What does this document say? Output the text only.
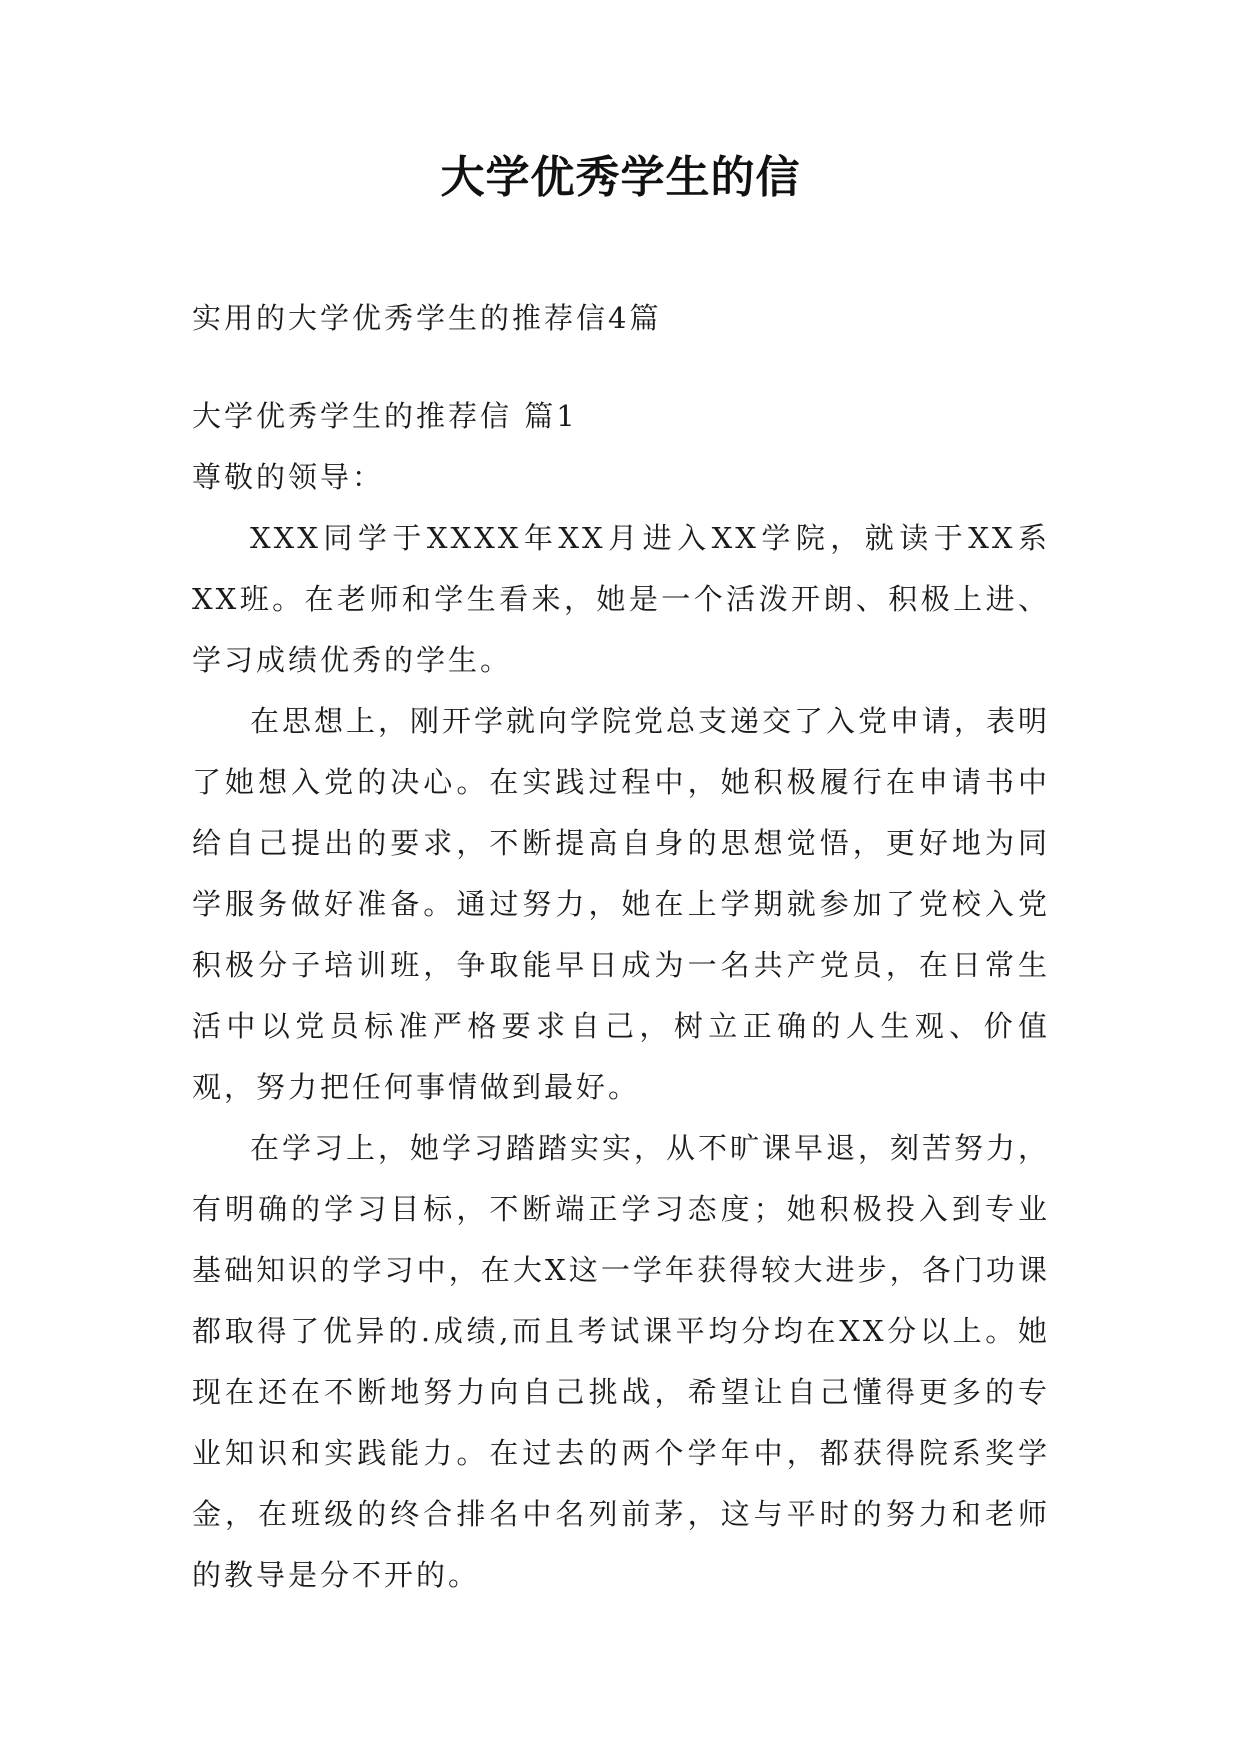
大学优秀学生的信

实用的大学优秀学生的推荐信4篇

大学优秀学生的推荐信 篇1

尊敬的领导：

XXX同学于XXXX年XX月进入XX学院，就读于XX系XX班。在老师和学生看来，她是一个活泼开朗、积极上进、学习成绩优秀的学生。

在思想上，刚开学就向学院党总支递交了入党申请，表明了她想入党的决心。在实践过程中，她积极履行在申请书中给自己提出的要求，不断提高自身的思想觉悟，更好地为同学服务做好准备。通过努力，她在上学期就参加了党校入党积极分子培训班，争取能早日成为一名共产党员，在日常生活中以党员标准严格要求自己，树立正确的人生观、价值观，努力把任何事情做到最好。

在学习上，她学习踏踏实实，从不旷课早退，刻苦努力，有明确的学习目标，不断端正学习态度；她积极投入到专业基础知识的学习中，在大X这一学年获得较大进步，各门功课都取得了优异的.成绩,而且考试课平均分均在XX分以上。她现在还在不断地努力向自己挑战，希望让自己懂得更多的专业知识和实践能力。在过去的两个学年中，都获得院系奖学金，在班级的终合排名中名列前茅，这与平时的努力和老师的教导是分不开的。
